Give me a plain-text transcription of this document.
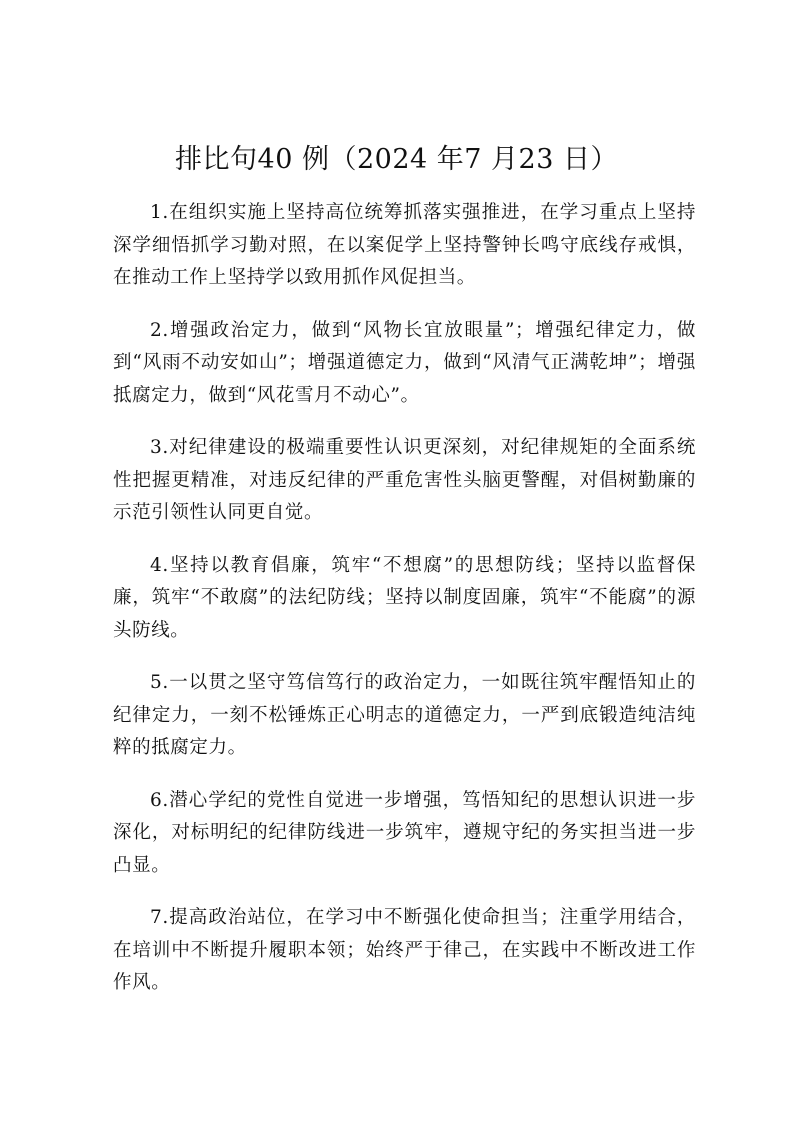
排比句40 例（2024 年7 月23 日）

1.在组织实施上坚持高位统筹抓落实强推进，在学习重点上坚持深学细悟抓学习勤对照，在以案促学上坚持警钟长鸣守底线存戒惧，在推动工作上坚持学以致用抓作风促担当。

2.增强政治定力，做到“风物长宜放眼量”；增强纪律定力，做到“风雨不动安如山”；增强道德定力，做到“风清气正满乾坤”；增强抵腐定力，做到“风花雪月不动心”。

3.对纪律建设的极端重要性认识更深刻，对纪律规矩的全面系统性把握更精准，对违反纪律的严重危害性头脑更警醒，对倡树勤廉的示范引领性认同更自觉。

4.坚持以教育倡廉，筑牢“不想腐”的思想防线；坚持以监督保廉，筑牢“不敢腐”的法纪防线；坚持以制度固廉，筑牢“不能腐”的源头防线。

5.一以贯之坚守笃信笃行的政治定力，一如既往筑牢醒悟知止的纪律定力，一刻不松锤炼正心明志的道德定力，一严到底锻造纯洁纯粹的抵腐定力。

6.潜心学纪的党性自觉进一步增强，笃悟知纪的思想认识进一步深化，对标明纪的纪律防线进一步筑牢，遵规守纪的务实担当进一步凸显。

7.提高政治站位，在学习中不断强化使命担当；注重学用结合，在培训中不断提升履职本领；始终严于律己，在实践中不断改进工作作风。
